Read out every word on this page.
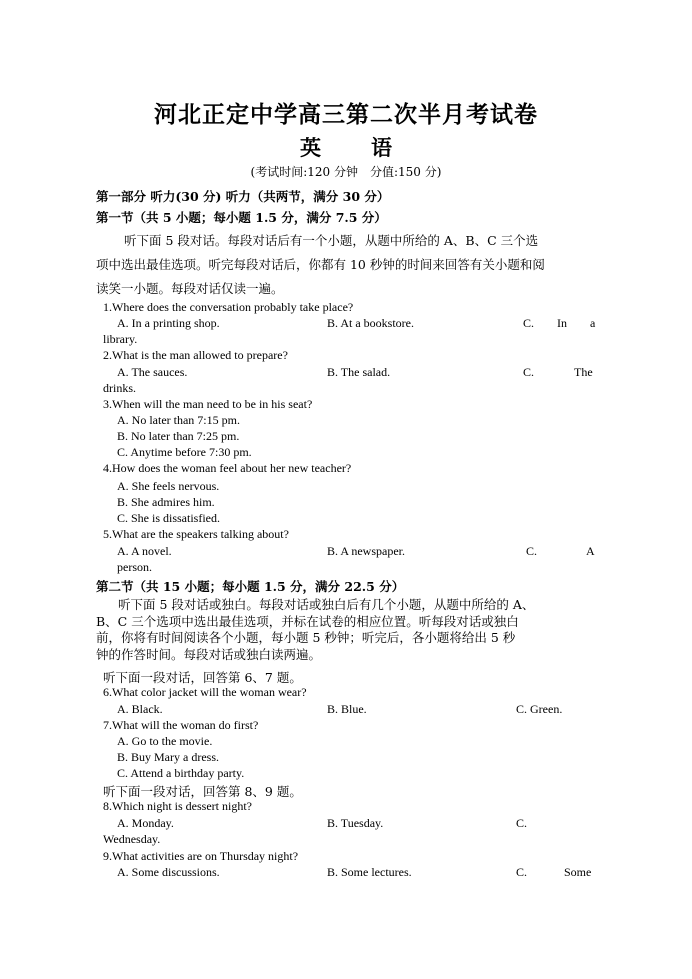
河北正定中学高三第二次半月考试卷
英 语
(考试时间:120 分钟　分值:150 分)
第一部分 听力(30 分) 听力（共两节，满分 30 分）
第一节（共 5 小题；每小题 1.5 分，满分 7.5 分）
听下面 5 段对话。每段对话后有一个小题，从题中所给的 A、B、C 三个选
项中选出最佳选项。听完每段对话后，你都有 10 秒钟的时间来回答有关小题和阅
读笑一小题。每段对话仅读一遍。
1.Where does the conversation probably take place?
A. In a printing shop.	B. At a bookstore.	C. In a
library.
2.What is the man allowed to prepare?
A. The sauces.	B. The salad.	C.	The
drinks.
3.When will the man need to be in his seat?
A. No later than 7:15 pm.
B. No later than 7:25 pm.
C. Anytime before 7:30 pm.
4.How does the woman feel about her new teacher?
A. She feels nervous.
B. She admires him.
C. She is dissatisfied.
5.What are the speakers talking about?
A. A novel.	B. A newspaper.	C.	A
person.
第二节（共 15 小题；每小题 1.5 分，满分 22.5 分）
听下面 5 段对话或独白。每段对话或独白后有几个小题，从题中所给的 A、
B、C 三个选项中选出最佳选项，并标在试卷的相应位置。听每段对话或独白
前，你将有时间阅读各个小题，每小题 5 秒钟；听完后，各小题将给出 5 秒
钟的作答时间。每段对话或独白读两遍。
听下面一段对话，回答第 6、7 题。
6.What color jacket will the woman wear?
A. Black.	B. Blue.	C. Green.
7.What will the woman do first?
A. Go to the movie.
B. Buy Mary a dress.
C. Attend a birthday party.
听下面一段对话，回答第 8、9 题。
8.Which night is dessert night?
A. Monday.	B. Tuesday.	C.
Wednesday.
9.What activities are on Thursday night?
A. Some discussions.	B. Some lectures.	C.	Some
